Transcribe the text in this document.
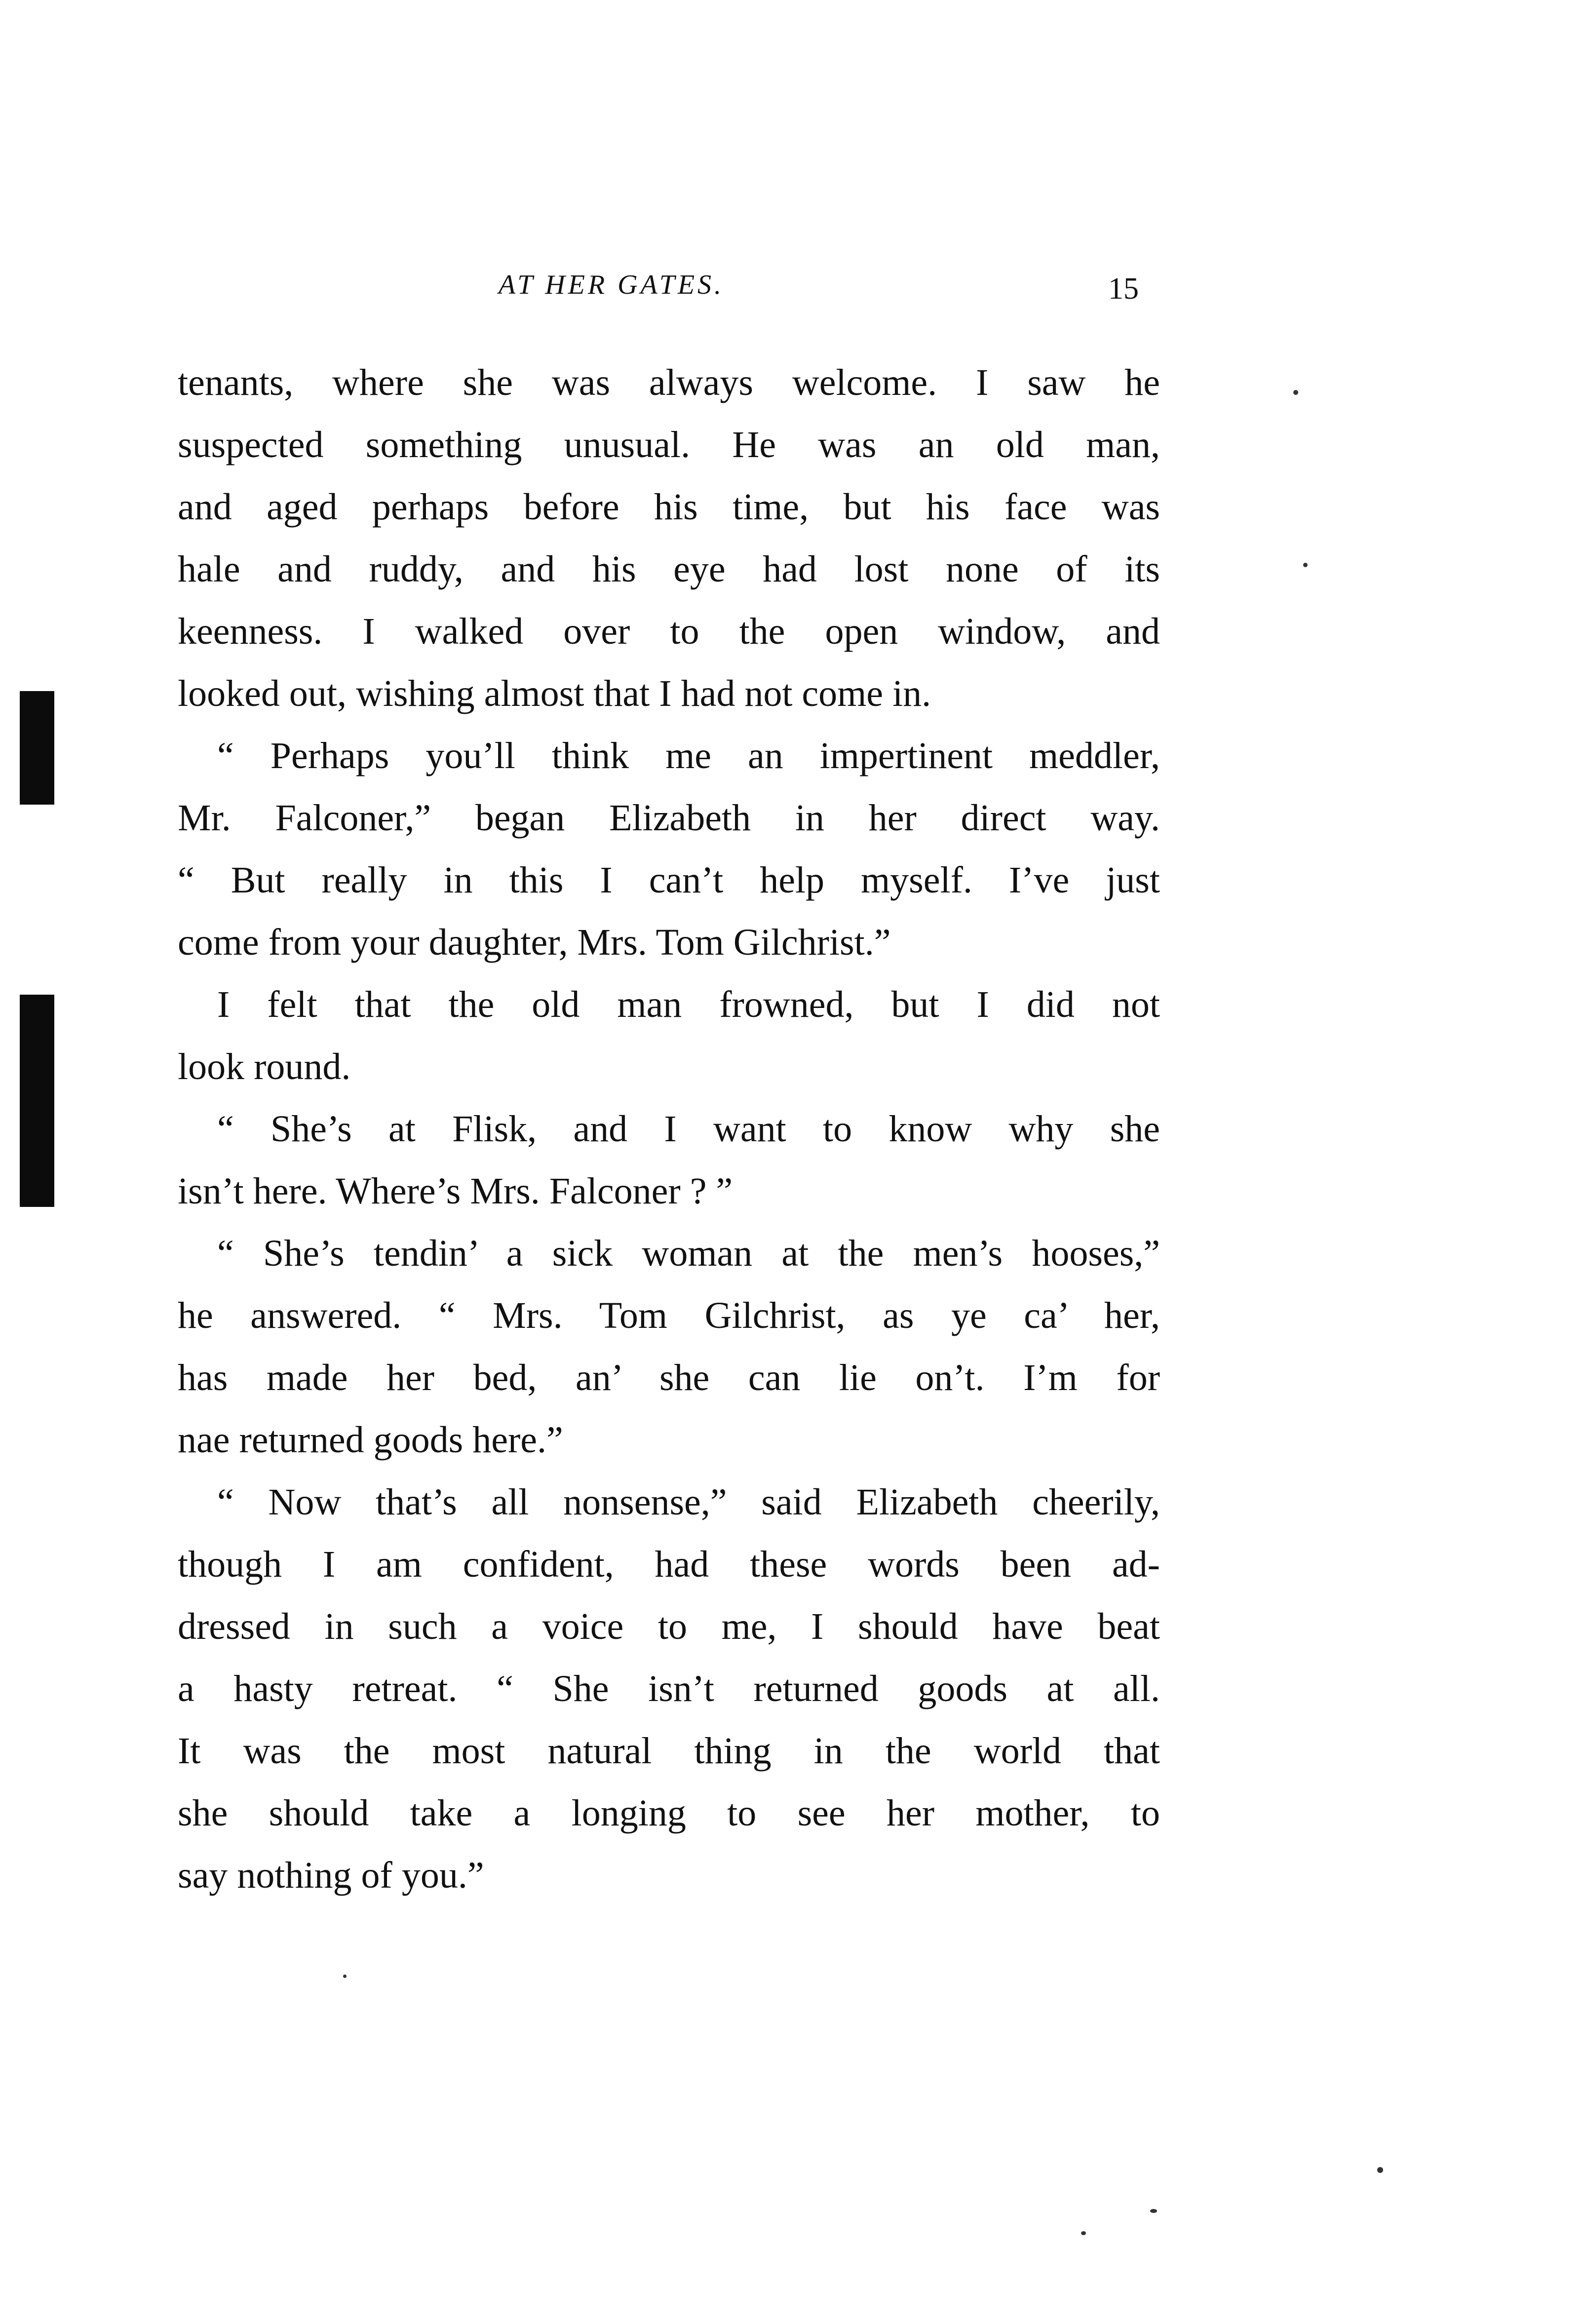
AT HER GATES.	15
tenants, where she was always welcome. I saw he
suspected something unusual. He was an old man,
and aged perhaps before his time, but his face was
hale and ruddy, and his eye had lost none of its
keenness. I walked over to the open window, and
looked out, wishing almost that I had not come in.
“ Perhaps you’ll think me an impertinent meddler,
Mr. Falconer,” began Elizabeth in her direct way.
“ But really in this I can’t help myself. I’ve just
come from your daughter, Mrs. Tom Gilchrist.”
I felt that the old man frowned, but I did not
look round.
“ She’s at Flisk, and I want to know why she
isn’t here. Where’s Mrs. Falconer ? ”
“ She’s tendin’ a sick woman at the men’s hooses,”
he answered. “ Mrs. Tom Gilchrist, as ye ca’ her,
has made her bed, an’ she can lie on’t. I’m for
nae returned goods here.”
“ Now that’s all nonsense,” said Elizabeth cheerily,
though I am confident, had these words been ad-
dressed in such a voice to me, I should have beat
a hasty retreat. “ She isn’t returned goods at all.
It was the most natural thing in the world that
she should take a longing to see her mother, to
say nothing of you.”
